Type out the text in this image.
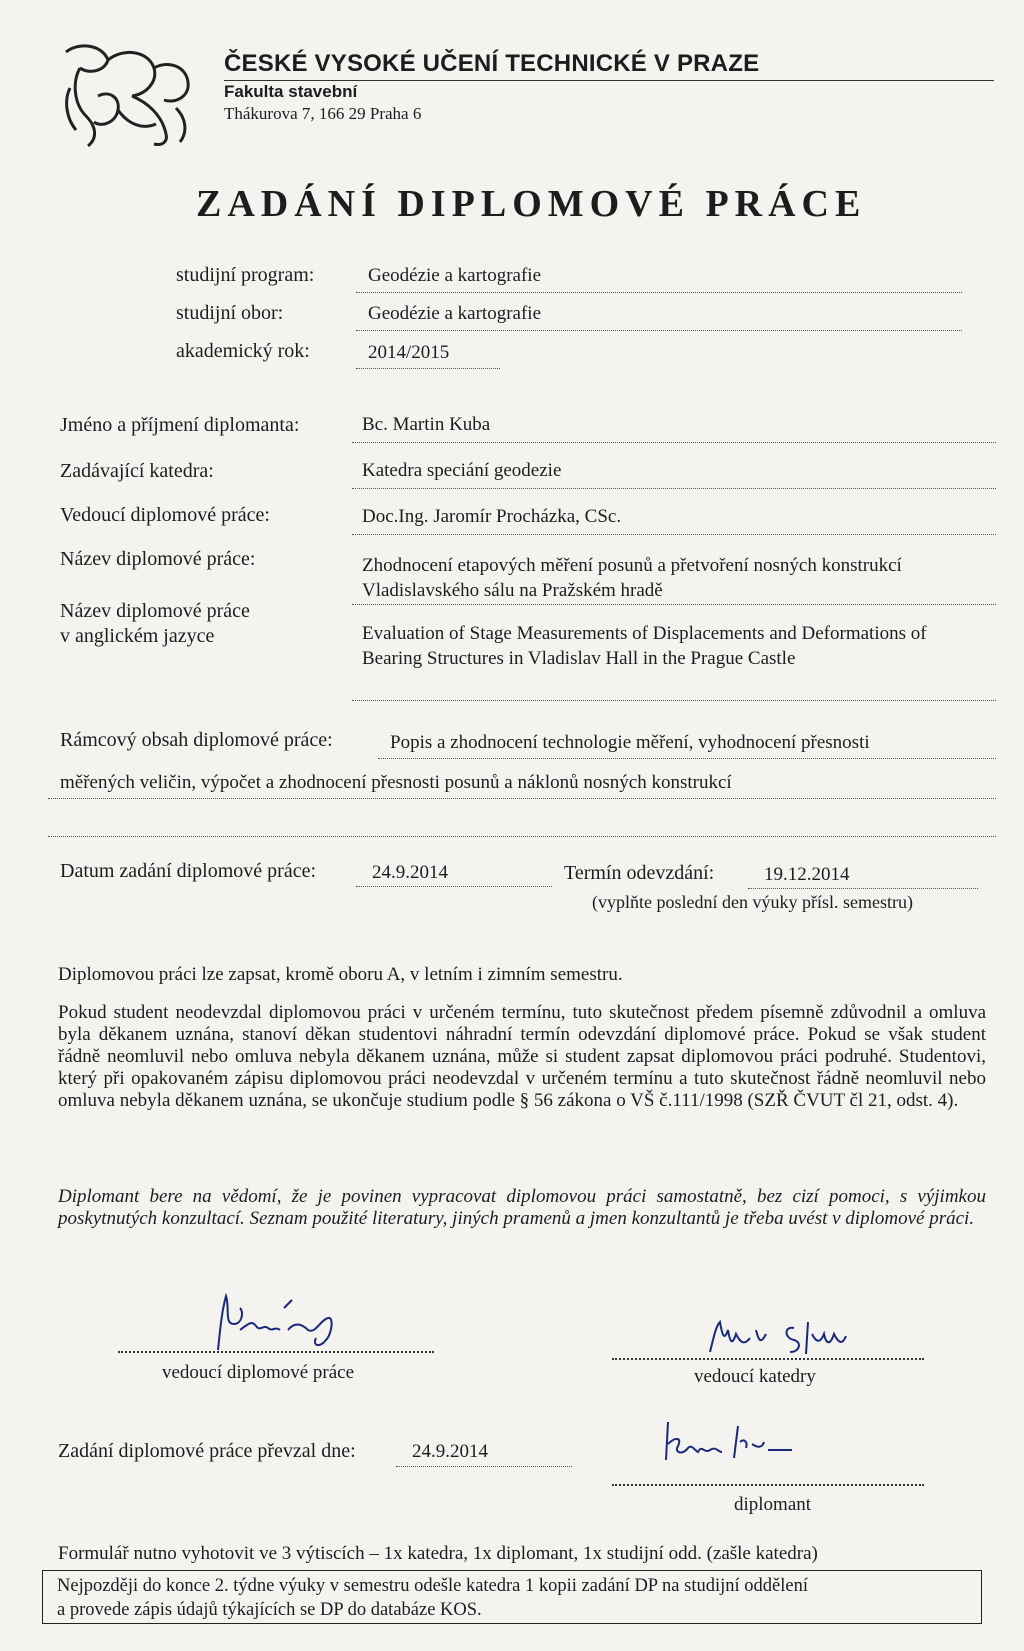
ČESKÉ VYSOKÉ UČENÍ TECHNICKÉ V PRAZE
Fakulta stavební
Thákurova 7, 166 29 Praha 6
ZADÁNÍ DIPLOMOVÉ PRÁCE
studijní program:	Geodézie a kartografie
studijní obor:	Geodézie a kartografie
akademický rok:	2014/2015
Jméno a příjmení diplomanta:	Bc. Martin Kuba
Zadávající katedra:	Katedra speciání geodezie
Vedoucí diplomové práce:	Doc.Ing. Jaromír Procházka, CSc.
Název diplomové práce:	Zhodnocení etapových měření posunů a přetvoření nosných konstrukcí Vladislavského sálu na Pražském hradě
Název diplomové práce
v anglickém jazyce	Evaluation of Stage Measurements of Displacements and Deformations of Bearing Structures in Vladislav Hall in the Prague Castle
Rámcový obsah diplomové práce:	Popis a zhodnocení technologie měření, vyhodnocení přesnosti
měřených veličin, výpočet a zhodnocení přesnosti posunů a náklonů nosných konstrukcí
Datum zadání diplomové práce:	24.9.2014	Termín odevzdání:	19.12.2014
(vyplňte poslední den výuky přísl. semestru)
Diplomovou práci lze zapsat, kromě oboru A, v letním i zimním semestru.
Pokud student neodevzdal diplomovou práci v určeném termínu, tuto skutečnost předem písemně zdůvodnil a omluva byla děkanem uznána, stanoví děkan studentovi náhradní termín odevzdání diplomové práce. Pokud se však student řádně neomluvil nebo omluva nebyla děkanem uznána, může si student zapsat diplomovou práci podruhé. Studentovi, který při opakovaném zápisu diplomovou práci neodevzdal v určeném termínu a tuto skutečnost řádně neomluvil nebo omluva nebyla děkanem uznána, se ukončuje studium podle § 56 zákona o VŠ č.111/1998 (SZŘ ČVUT čl 21, odst. 4).
Diplomant bere na vědomí, že je povinen vypracovat diplomovou práci samostatně, bez cizí pomoci, s výjimkou poskytnutých konzultací. Seznam použité literatury, jiných pramenů a jmen konzultantů je třeba uvést v diplomové práci.
vedoucí diplomové práce	vedoucí katedry
Zadání diplomové práce převzal dne:	24.9.2014
diplomant
Formulář nutno vyhotovit ve 3 výtiscích – 1x katedra, 1x diplomant, 1x studijní odd. (zašle katedra)
Nejpozději do konce 2. týdne výuky v semestru odešle katedra 1 kopii zadání DP na studijní oddělení
a provede zápis údajů týkajících se DP do databáze KOS.
